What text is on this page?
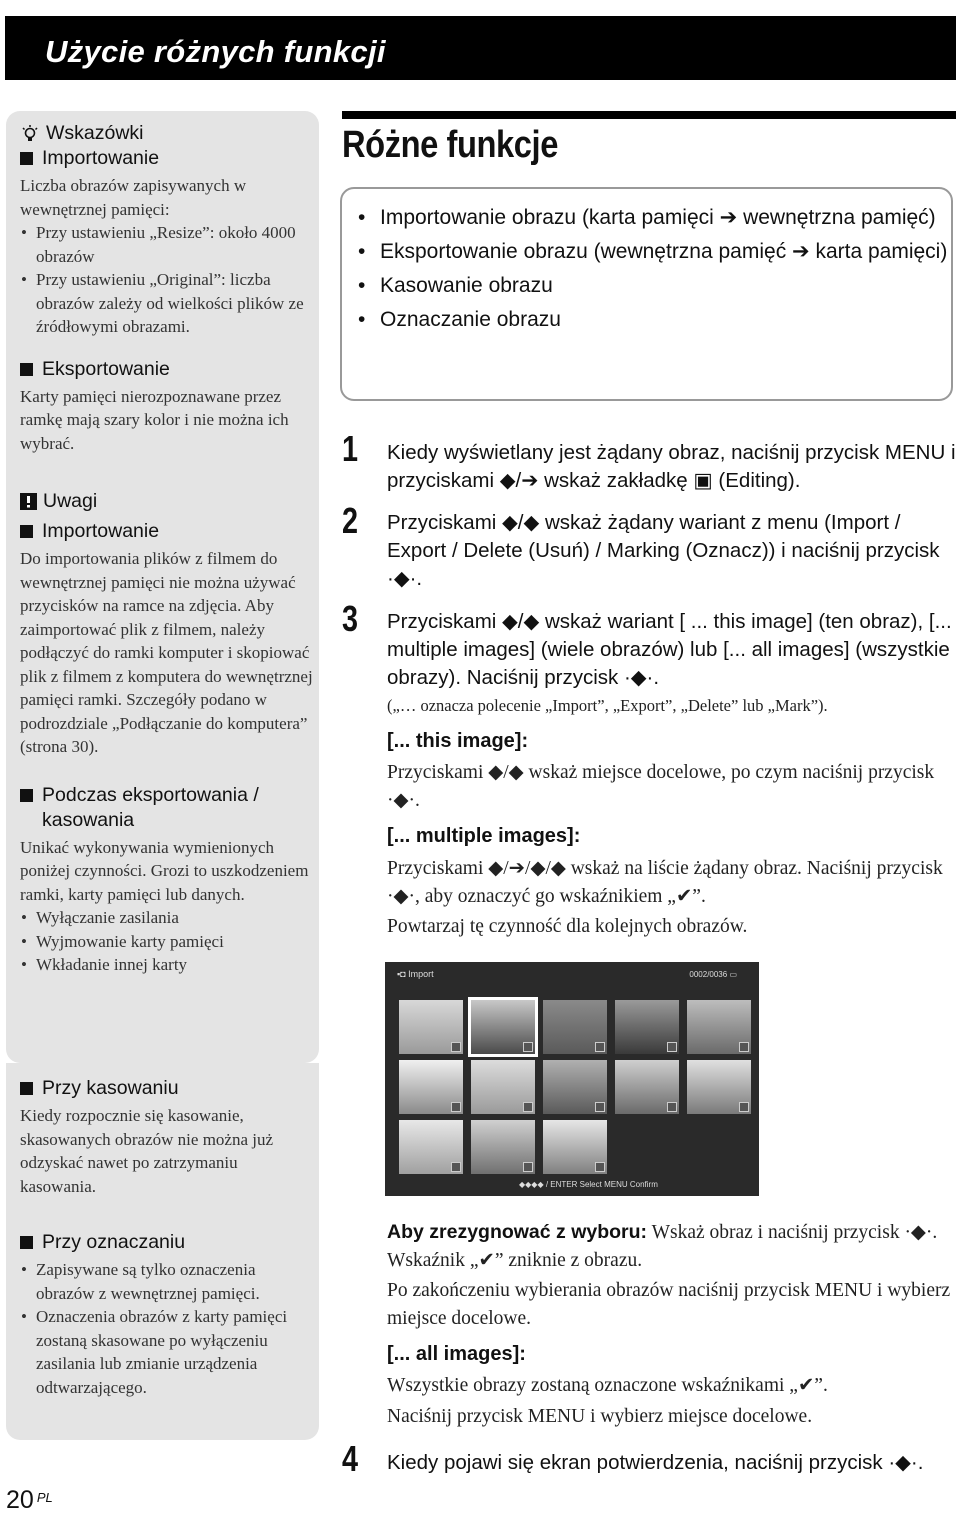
Użycie różnych funkcji
Wskazówki
Importowanie

Liczba obrazów zapisywanych w wewnętrznej pamięci:

• Przy ustawieniu „Resize”: około 4000 obrazów
• Przy ustawieniu „Original”: liczba obrazów zależy od wielkości plików ze źródłowymi obrazami.
Eksportowanie

Karty pamięci nierozpoznawane przez ramkę mają szary kolor i nie można ich wybrać.

Uwagi
Importowanie

Do importowania plików z filmem do wewnętrznej pamięci nie można używać przycisków na ramce na zdjęcia. Aby zaimportować plik z filmem, należy podłączyć do ramki komputer i skopiować plik z filmem z komputera do wewnętrznej pamięci ramki. Szczegóły podano w podrozdziale „Podłączanie do komputera” (strona 30).

Podczas eksportowania / kasowania

Unikać wykonywania wymienionych poniżej czynności. Grozi to uszkodzeniem ramki, karty pamięci lub danych.

• Wyłączanie zasilania
• Wyjmowanie karty pamięci
• Wkładanie innej karty
Przy kasowaniu

Kiedy rozpocznie się kasowanie, skasowanych obrazów nie można już odzyskać nawet po zatrzymaniu kasowania.

Przy oznaczaniu
• Zapisywane są tylko oznaczenia obrazów z wewnętrznej pamięci.
• Oznaczenia obrazów z karty pamięci zostaną skasowane po wyłączeniu zasilania lub zmianie urządzenia odtwarzającego.
Różne funkcje
• Importowanie obrazu (karta pamięci ➔ wewnętrzna pamięć)
• Eksportowanie obrazu (wewnętrzna pamięć ➔ karta pamięci)
• Kasowanie obrazu
• Oznaczanie obrazu
1 Kiedy wyświetlany jest żądany obraz, naciśnij przycisk MENU i przyciskami ◆/➔ wskaż zakładkę ▣ (Editing).

2 Przyciskami ◆/◆ wskaż żądany wariant z menu (Import / Export / Delete (Usuń) / Marking (Oznacz)) i naciśnij przycisk ·◆·.

3 Przyciskami ◆/◆ wskaż wariant [ ... this image] (ten obraz), [... multiple images] (wiele obrazów) lub [... all images] (wszystkie obrazy). Naciśnij przycisk ·◆·.

(„… oznacza polecenie „Import”, „Export”, „Delete” lub „Mark”).

[... this image]:

Przyciskami ◆/◆ wskaż miejsce docelowe, po czym naciśnij przycisk ·◆·.

[... multiple images]:

Przyciskami ◆/➔/◆/◆ wskaż na liście żądany obraz. Naciśnij przycisk ·◆·, aby oznaczyć go wskaźnikiem „✔”.

Powtarzaj tę czynność dla kolejnych obrazów.

▪◘ Import	0002/0036 ▭
◆◆◆◆ / ENTER Select MENU Confirm

Aby zrezygnować z wyboru: Wskaż obraz i naciśnij przycisk ·◆·. Wskaźnik „✔” zniknie z obrazu.

Po zakończeniu wybierania obrazów naciśnij przycisk MENU i wybierz miejsce docelowe.

[... all images]:

Wszystkie obrazy zostaną oznaczone wskaźnikami „✔”.

Naciśnij przycisk MENU i wybierz miejsce docelowe.

4 Kiedy pojawi się ekran potwierdzenia, naciśnij przycisk ·◆·.

20 $^{PL}$
